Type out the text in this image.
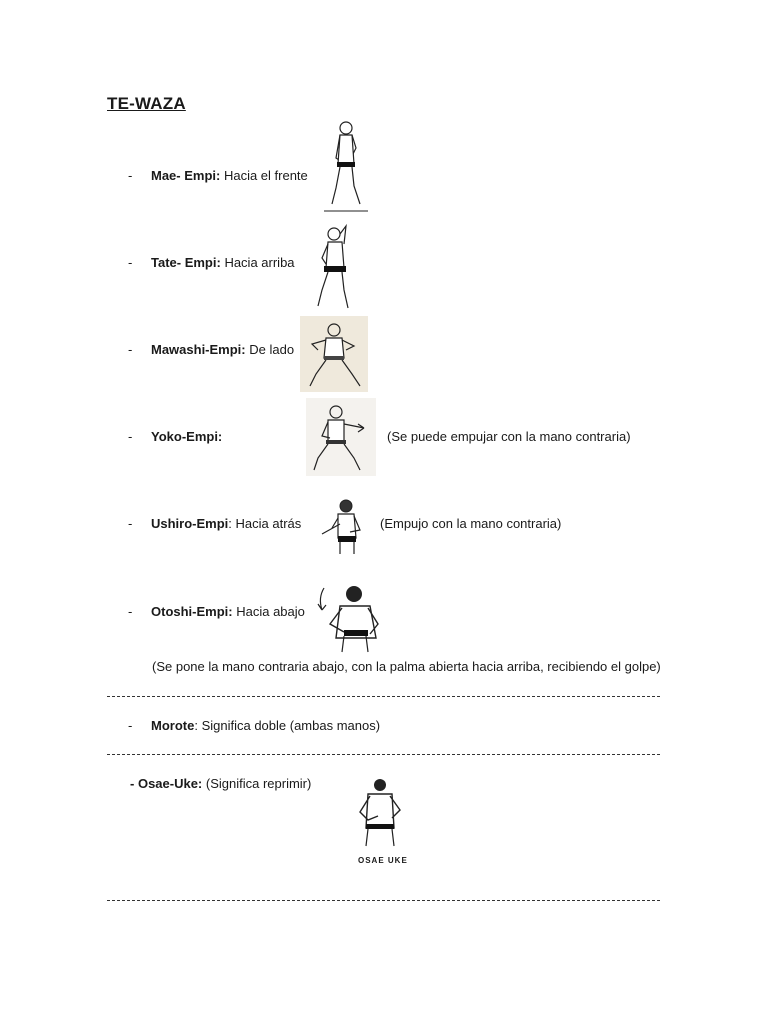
TE-WAZA
- Mae- Empi: Hacia el frente
- Tate- Empi: Hacia arriba
- Mawashi-Empi: De lado
- Yoko-Empi:	(Se puede empujar con la mano contraria)
- Ushiro-Empi: Hacia atrás	(Empujo con la mano contraria)
- Otoshi-Empi: Hacia abajo
(Se pone la mano contraria abajo, con la palma abierta hacia arriba, recibiendo el golpe)
- Morote: Significa doble (ambas manos)
- Osae-Uke: (Significa reprimir)
OSAE UKE
